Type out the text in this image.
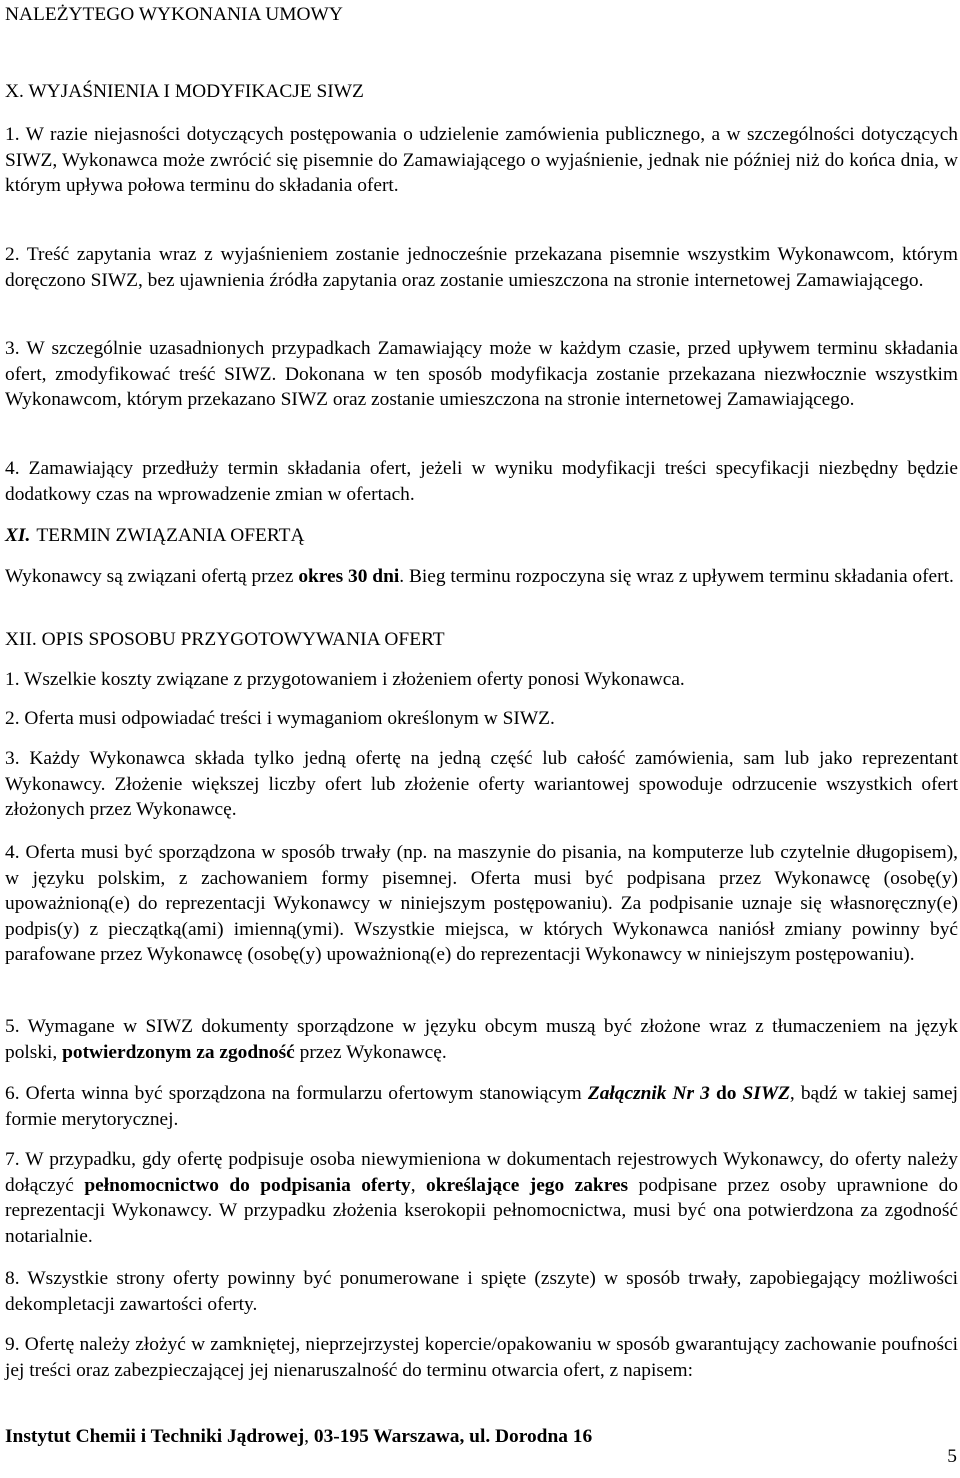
NALEŻYTEGO WYKONANIA UMOWY

X. WYJAŚNIENIA I MODYFIKACJE SIWZ

1. W razie niejasności dotyczących postępowania o udzielenie zamówienia publicznego, a w szczególności dotyczących SIWZ, Wykonawca może zwrócić się pisemnie do Zamawiającego o wyjaśnienie, jednak nie później niż do końca dnia, w którym upływa połowa terminu do składania ofert.

2. Treść zapytania wraz z wyjaśnieniem zostanie jednocześnie przekazana pisemnie wszystkim Wykonawcom, którym doręczono SIWZ, bez ujawnienia źródła zapytania oraz zostanie umieszczona na stronie internetowej Zamawiającego.

3. W szczególnie uzasadnionych przypadkach Zamawiający może w każdym czasie, przed upływem terminu składania ofert, zmodyfikować treść SIWZ. Dokonana w ten sposób modyfikacja zostanie przekazana niezwłocznie wszystkim Wykonawcom, którym przekazano SIWZ oraz zostanie umieszczona na stronie internetowej Zamawiającego.

4. Zamawiający przedłuży termin składania ofert, jeżeli w wyniku modyfikacji treści specyfikacji niezbędny będzie dodatkowy czas na wprowadzenie zmian w ofertach.

XI. TERMIN ZWIĄZANIA OFERTĄ

Wykonawcy są związani ofertą przez okres 30 dni. Bieg terminu rozpoczyna się wraz z upływem terminu składania ofert.

XII. OPIS SPOSOBU PRZYGOTOWYWANIA OFERT

1. Wszelkie koszty związane z przygotowaniem i złożeniem oferty ponosi Wykonawca.

2. Oferta musi odpowiadać treści i wymaganiom określonym w SIWZ.

3. Każdy Wykonawca składa tylko jedną ofertę na jedną część lub całość zamówienia, sam lub jako reprezentant Wykonawcy. Złożenie większej liczby ofert lub złożenie oferty wariantowej spowoduje odrzucenie wszystkich ofert złożonych przez Wykonawcę.

4. Oferta musi być sporządzona w sposób trwały (np. na maszynie do pisania, na komputerze lub czytelnie długopisem), w języku polskim, z zachowaniem formy pisemnej. Oferta musi być podpisana przez Wykonawcę (osobę(y) upoważnioną(e) do reprezentacji Wykonawcy w niniejszym postępowaniu). Za podpisanie uznaje się własnoręczny(e) podpis(y) z pieczątką(ami) imienną(ymi). Wszystkie miejsca, w których Wykonawca naniósł zmiany powinny być parafowane przez Wykonawcę (osobę(y) upoważnioną(e) do reprezentacji Wykonawcy w niniejszym postępowaniu).

5. Wymagane w SIWZ dokumenty sporządzone w języku obcym muszą być złożone wraz z tłumaczeniem na język polski, potwierdzonym za zgodność przez Wykonawcę.

6. Oferta winna być sporządzona na formularzu ofertowym stanowiącym Załącznik Nr 3 do SIWZ, bądź w takiej samej formie merytorycznej.

7. W przypadku, gdy ofertę podpisuje osoba niewymieniona w dokumentach rejestrowych Wykonawcy, do oferty należy dołączyć pełnomocnictwo do podpisania oferty, określające jego zakres podpisane przez osoby uprawnione do reprezentacji Wykonawcy. W przypadku złożenia kserokopii pełnomocnictwa, musi być ona potwierdzona za zgodność notarialnie.

8. Wszystkie strony oferty powinny być ponumerowane i spięte (zszyte) w sposób trwały, zapobiegający możliwości dekompletacji zawartości oferty.

9. Ofertę należy złożyć w zamkniętej, nieprzejrzystej kopercie/opakowaniu w sposób gwarantujący zachowanie poufności jej treści oraz zabezpieczającej jej nienaruszalność do terminu otwarcia ofert, z napisem:

Instytut Chemii i Techniki Jądrowej, 03-195 Warszawa, ul. Dorodna 16

5
